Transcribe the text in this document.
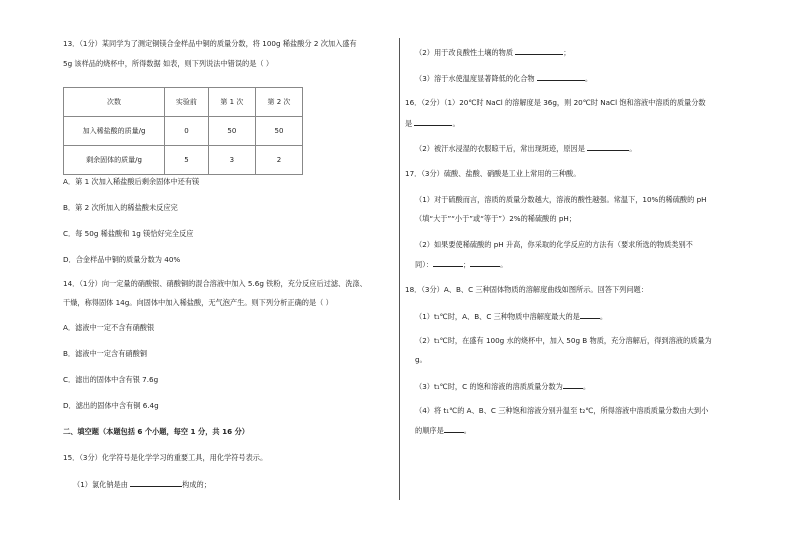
13．（1分）某同学为了测定铜镁合金样品中铜的质量分数，将 100g 稀盐酸分 2 次加入盛有
5g 该样品的烧杯中，所得数据 如表，则下列说法中错误的是（ ）
次数	实验前	第 1 次	第 2 次
加入稀盐酸的质量/g	0	50	50
剩余固体的质量/g	5	3	2
A．第 1 次加入稀盐酸后剩余固体中还有镁
B．第 2 次所加入的稀盐酸未反应完
C．每 50g 稀盐酸和 1g 镁恰好完全反应
D．合金样品中铜的质量分数为 40%
14．（1分）向一定量的硝酸银、硝酸铜的混合溶液中加入 5.6g 铁粉，充分反应后过滤、洗涤、
干燥，称得固体 14g。向固体中加入稀盐酸，无气泡产生。则下列分析正确的是（ ）
A．滤液中一定不含有硝酸银
B．滤液中一定含有硝酸铜
C．滤出的固体中含有银 7.6g
D．滤出的固体中含有铜 6.4g
二、填空题（本题包括 6 个小题，每空 1 分，共 16 分）
15．（3分）化学符号是化学学习的重要工具，用化学符号表示。
（1）氯化钠是由	构成的；
（2）用于改良酸性土壤的物质	；
（3）溶于水使温度显著降低的化合物	。
16．（2分）（1）20℃时 NaCl 的溶解度是 36g，则 20℃时 NaCl 饱和溶液中溶质的质量分数
是	。
（2）被汗水浸湿的衣服晾干后，常出现斑迹，原因是	。
17．（3分）硫酸、盐酸、硝酸是工业上常用的三种酸。
（1）对于硫酸而言，溶质的质量分数越大，溶液的酸性越强。常温下，10%的稀硫酸的 pH
（填“大于”“小于”或“等于”）2%的稀硫酸的 pH；
（2）如果要使稀硫酸的 pH 升高，你采取的化学反应的方法有（要求所选的物质类别不
同）：	；	。
18．（3分）A、B、C 三种固体物质的溶解度曲线如图所示。回答下列问题：
（1）t₁℃时，A、B、C 三种物质中溶解度最大的是	。
（2）t₁℃时，在盛有 100g 水的烧杯中，加入 50g B 物质，充分溶解后，得到溶液的质量为
g。
（3）t₁℃时，C 的饱和溶液的溶质质量分数为	。
（4）将 t₁℃的 A、B、C 三种饱和溶液分别升温至 t₂℃，所得溶液中溶质质量分数由大到小
的顺序是	。
